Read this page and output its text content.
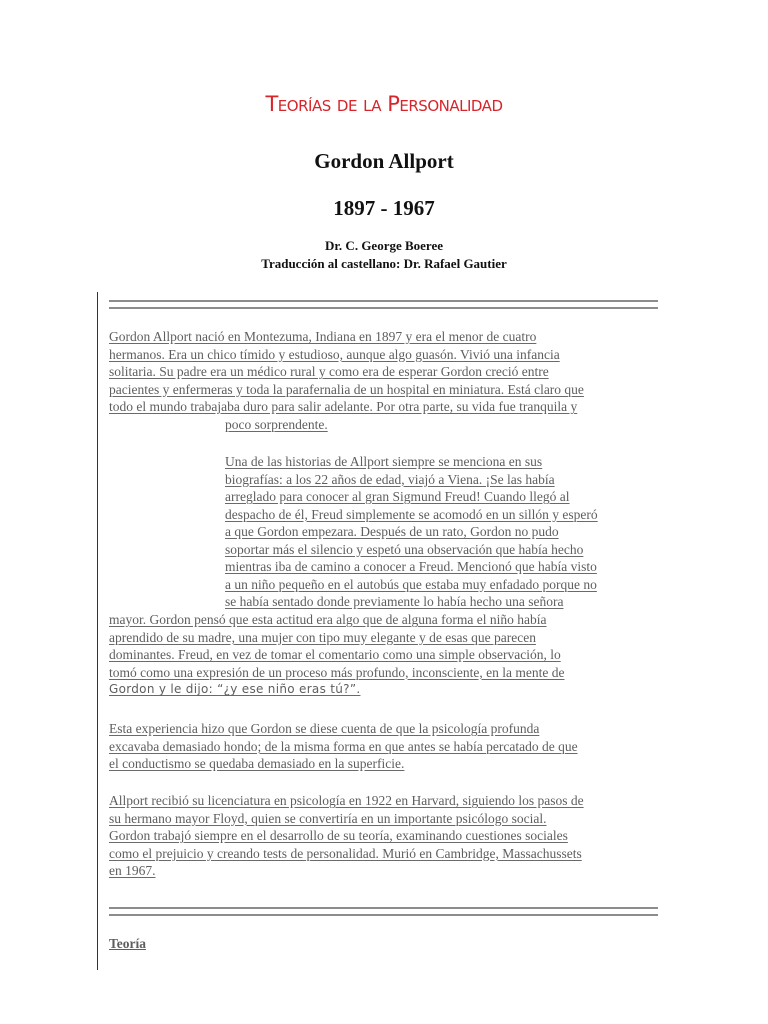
Teorías de la Personalidad
Gordon Allport
1897 - 1967
Dr. C. George Boeree
Traducción al castellano: Dr. Rafael Gautier
Gordon Allport nació en Montezuma, Indiana en 1897 y era el menor de cuatro
hermanos. Era un chico tímido y estudioso, aunque algo guasón. Vivió una infancia
solitaria. Su padre era un médico rural y como era de esperar Gordon creció entre
pacientes y enfermeras y toda la parafernalia de un hospital en miniatura. Está claro que
todo el mundo trabajaba duro para salir adelante. Por otra parte, su vida fue tranquila y
poco sorprendente.
Una de las historias de Allport siempre se menciona en sus
biografías: a los 22 años de edad, viajó a Viena. ¡Se las había
arreglado para conocer al gran Sigmund Freud! Cuando llegó al
despacho de él, Freud simplemente se acomodó en un sillón y esperó
a que Gordon empezara. Después de un rato, Gordon no pudo
soportar más el silencio y espetó una observación que había hecho
mientras iba de camino a conocer a Freud. Mencionó que había visto
a un niño pequeño en el autobús que estaba muy enfadado porque no
se había sentado donde previamente lo había hecho una señora
mayor. Gordon pensó que esta actitud era algo que de alguna forma el niño había
aprendido de su madre, una mujer con tipo muy elegante y de esas que parecen
dominantes. Freud, en vez de tomar el comentario como una simple observación, lo
tomó como una expresión de un proceso más profundo, inconsciente, en la mente de
Gordon y le dijo: “¿y ese niño eras tú?”.
Esta experiencia hizo que Gordon se diese cuenta de que la psicología profunda
excavaba demasiado hondo; de la misma forma en que antes se había percatado de que
el conductismo se quedaba demasiado en la superficie.
Allport recibió su licenciatura en psicología en 1922 en Harvard, siguiendo los pasos de
su hermano mayor Floyd, quien se convertiría en un importante psicólogo social.
Gordon trabajó siempre en el desarrollo de su teoría, examinando cuestiones sociales
como el prejuicio y creando tests de personalidad. Murió en Cambridge, Massachussets
en 1967.
Teoría
